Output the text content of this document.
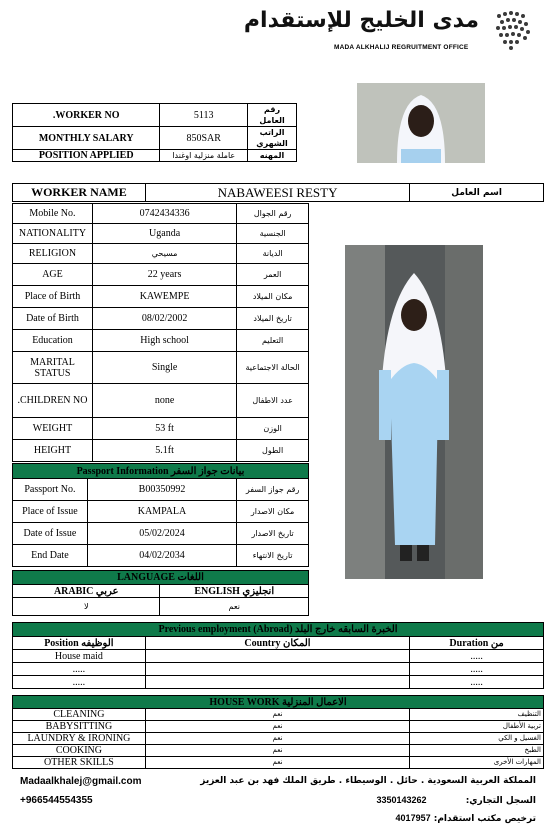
مدى الخليج للإستقدام
MADA ALKHALIJ REGRUITMENT OFFICE
.WORKER NO	5113	رقم العامل
MONTHLY SALARY	850SAR	الراتب الشهري
POSITION APPLIED	عاملة منزلية اوغندا	المهنه
WORKER NAME	NABAWEESI RESTY	اسم العامل
Mobile No.	0742434336	رقم الجوال
NATIONALITY	Uganda	الجنسية
RELIGION	مسيحي	الديانة
AGE	22 years	العمر
Place of Birth	KAWEMPE	مكان الميلاد
Date of Birth	08/02/2002	تاريخ الميلاد
Education	High school	التعليم
MARITAL STATUS	Single	الحالة الاجتماعية
.CHILDREN NO	none	عدد الاطفال
WEIGHT	53 ft	الوزن
HEIGHT	5.1ft	الطول
Passport Information بيانات جواز السفر		
Passport No.	B00350992	رقم جواز السفر
Place of Issue	KAMPALA	مكان الاصدار
Date of Issue	05/02/2024	تاريخ الاصدار
End Date	04/02/2034	تاريخ الانتهاء
LANGUAGE اللغات	
ARABIC عربي	ENGLISH انجليزي
لا	نعم
Previous employment (Abroad) الخبرة السابقه خارج البلد		
Position الوظيفه	Country المكان	Duration من
House maid		.....
.....		.....
.....		.....
HOUSE WORK الاعمال المنزلية		
CLEANING	نعم	التنظيف
BABYSITTING	نعم	تربية الأطفال
LAUNDRY & IRONING	نعم	الغسيل و الكي
COOKING	نعم	الطبخ
OTHER SKILLS	نعم	المهارات الأخرى
Madaalkhalej@gmail.com
+966544554355
المملكة العربية السعودية . حائل . الوسيطاء . طريق الملك فهد بن عبد العزيز
السجل التجاري: 3350143262
ترخيص مكتب استقدام: 4017957
